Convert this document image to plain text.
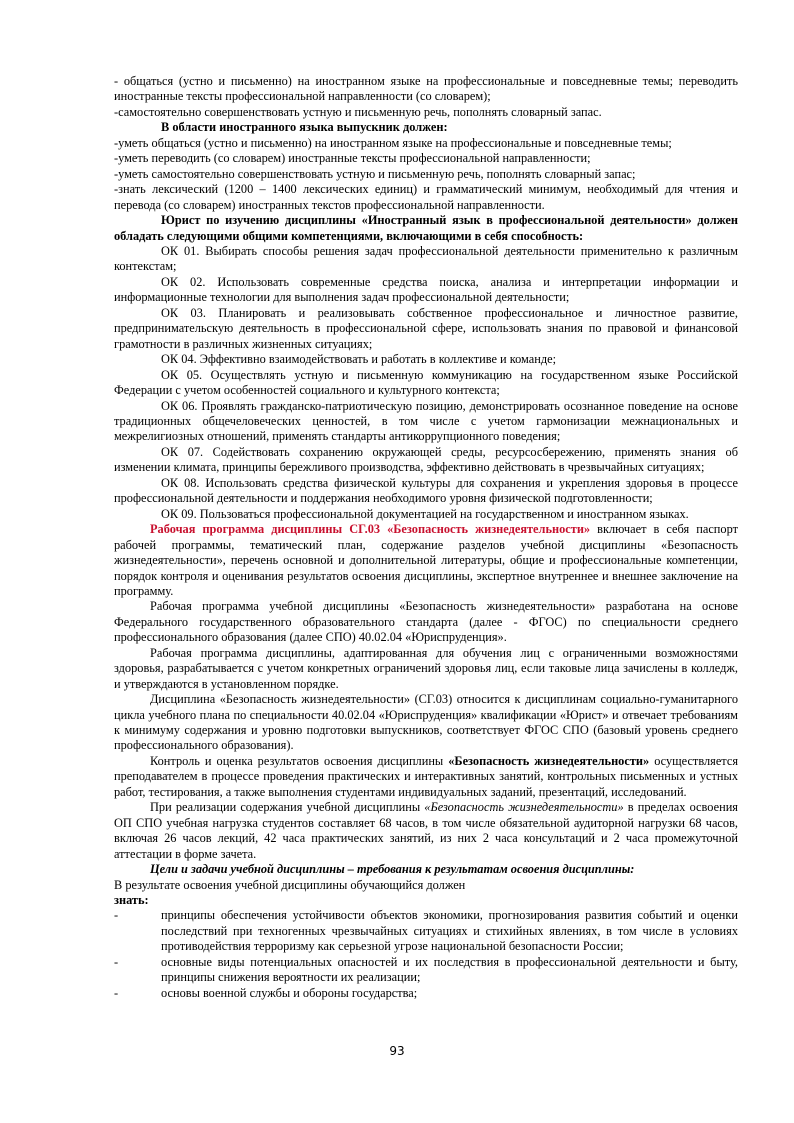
- общаться (устно и письменно) на иностранном языке на профессиональные и повседневные темы; переводить иностранные тексты профессиональной направленности (со словарем);

-самостоятельно совершенствовать устную и письменную речь, пополнять словарный запас.

В области иностранного языка выпускник должен:

-уметь общаться (устно и письменно) на иностранном языке на профессиональные и повседневные темы;

-уметь переводить (со словарем) иностранные тексты профессиональной направленности;

-уметь самостоятельно совершенствовать устную и письменную речь, пополнять словарный запас;

-знать лексический (1200 – 1400 лексических единиц) и грамматический минимум, необходимый для чтения и перевода (со словарем) иностранных текстов профессиональной направленности.

Юрист по изучению дисциплины «Иностранный язык в профессиональной деятельности» должен обладать следующими общими компетенциями, включающими в себя способность:

ОК 01. Выбирать способы решения задач профессиональной деятельности применительно к различным контекстам;

ОК 02. Использовать современные средства поиска, анализа и интерпретации информации и информационные технологии для выполнения задач профессиональной деятельности;

ОК 03. Планировать и реализовывать собственное профессиональное и личностное развитие, предпринимательскую деятельность в профессиональной сфере, использовать знания по правовой и финансовой грамотности в различных жизненных ситуациях;

ОК 04. Эффективно взаимодействовать и работать в коллективе и команде;

ОК 05. Осуществлять устную и письменную коммуникацию на государственном языке Российской Федерации с учетом особенностей социального и культурного контекста;

ОК 06. Проявлять гражданско-патриотическую позицию, демонстрировать осознанное поведение на основе традиционных общечеловеческих ценностей, в том числе с учетом гармонизации межнациональных и межрелигиозных отношений, применять стандарты антикоррупционного поведения;

ОК 07. Содействовать сохранению окружающей среды, ресурсосбережению, применять знания об изменении климата, принципы бережливого производства, эффективно действовать в чрезвычайных ситуациях;

ОК 08. Использовать средства физической культуры для сохранения и укрепления здоровья в процессе профессиональной деятельности и поддержания необходимого уровня физической подготовленности;

ОК 09. Пользоваться профессиональной документацией на государственном и иностранном языках.

Рабочая программа дисциплины СГ.03 «Безопасность жизнедеятельности» включает в себя паспорт рабочей программы, тематический план, содержание разделов учебной дисциплины «Безопасность жизнедеятельности», перечень основной и дополнительной литературы, общие и профессиональные компетенции, порядок контроля и оценивания результатов освоения дисциплины, экспертное внутреннее и внешнее заключение на программу.

Рабочая программа учебной дисциплины «Безопасность жизнедеятельности» разработана на основе Федерального государственного образовательного стандарта (далее - ФГОС) по специальности среднего профессионального образования (далее СПО) 40.02.04 «Юриспруденция».

Рабочая программа дисциплины, адаптированная для обучения лиц с ограниченными возможностями здоровья, разрабатывается с учетом конкретных ограничений здоровья лиц, если таковые лица зачислены в колледж, и утверждаются в установленном порядке.

Дисциплина «Безопасность жизнедеятельности» (СГ.03) относится к дисциплинам социально-гуманитарного цикла учебного плана по специальности 40.02.04 «Юриспруденция» квалификации «Юрист» и отвечает требованиям к минимуму содержания и уровню подготовки выпускников, соответствует ФГОС СПО (базовый уровень среднего профессионального образования).

Контроль и оценка результатов освоения дисциплины «Безопасность жизнедеятельности» осуществляется преподавателем в процессе проведения практических и интерактивных занятий, контрольных письменных и устных работ, тестирования, а также выполнения студентами индивидуальных заданий, презентаций, исследований.

При реализации содержания учебной дисциплины «Безопасность жизнедеятельности» в пределах освоения ОП СПО учебная нагрузка студентов составляет 68 часов, в том числе обязательной аудиторной нагрузки 68 часов, включая 26 часов лекций, 42 часа практических занятий, из них 2 часа консультаций и 2 часа промежуточной аттестации в форме зачета.

Цели и задачи учебной дисциплины – требования к результатам освоения дисциплины:

В результате освоения учебной дисциплины обучающийся должен

знать:

-	принципы обеспечения устойчивости объектов экономики, прогнозирования развития событий и оценки последствий при техногенных чрезвычайных ситуациях и стихийных явлениях, в том числе в условиях противодействия терроризму как серьезной угрозе национальной безопасности России;
-	основные виды потенциальных опасностей и их последствия в профессиональной деятельности и быту, принципы снижения вероятности их реализации;
-	основы военной службы и обороны государства;
93
